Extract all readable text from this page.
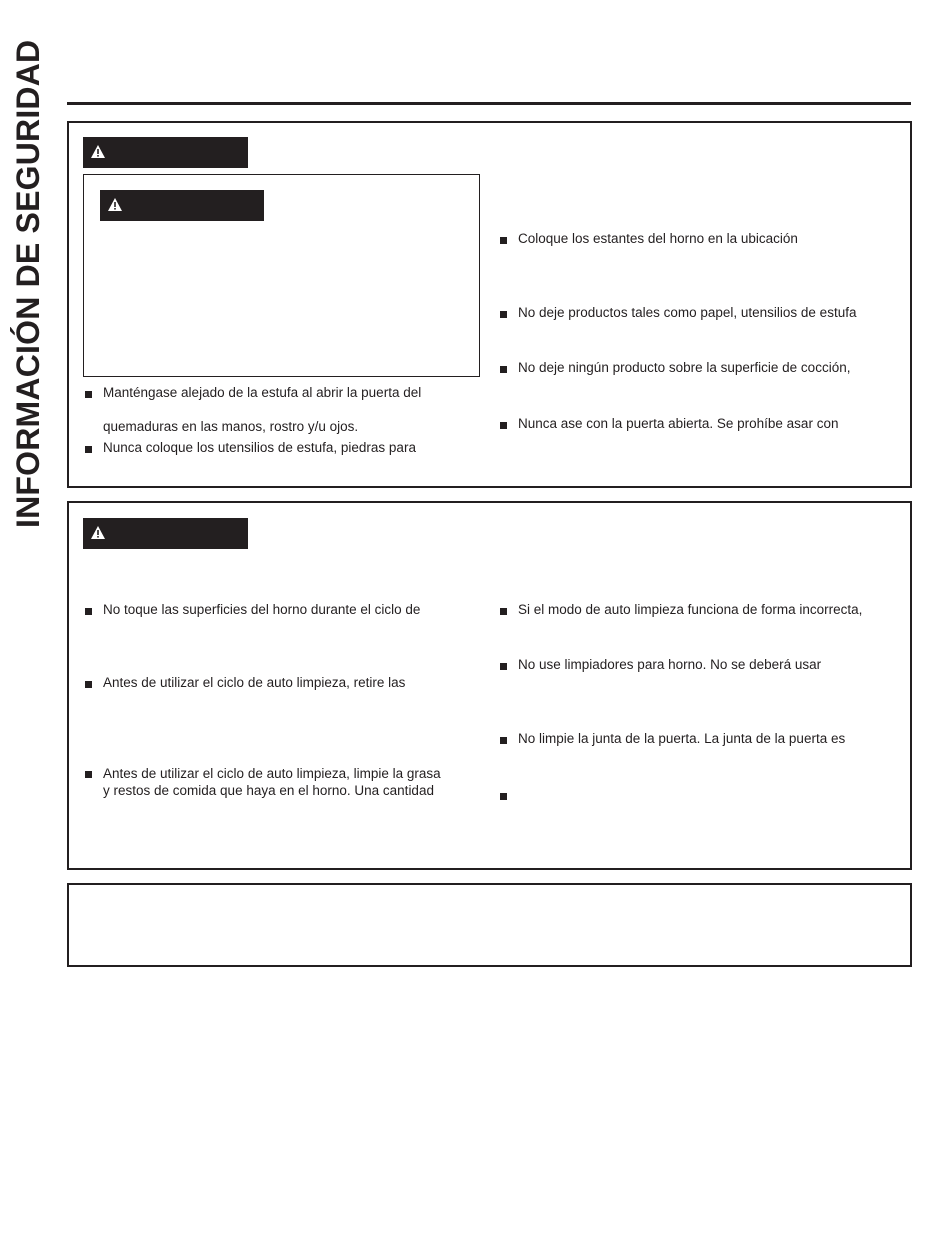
INFORMACIÓN DE SEGURIDAD	Manténgase alejado de la estufa al abrir la puerta del
quemaduras en las manos, rostro y/u ojos.
Nunca coloque los utensilios de estufa, piedras para
Coloque los estantes del horno en la ubicación
No deje productos tales como papel, utensilios de estufa
No deje ningún producto sobre la superficie de cocción,
Nunca ase con la puerta abierta. Se prohíbe asar con
No toque las superficies del horno durante el ciclo de
Antes de utilizar el ciclo de auto limpieza, retire las
Antes de utilizar el ciclo de auto limpieza, limpie la grasa
y restos de comida que haya en el horno. Una cantidad
Si el modo de auto limpieza funciona de forma incorrecta,
No use limpiadores para horno. No se deberá usar
No limpie la junta de la puerta. La junta de la puerta es
